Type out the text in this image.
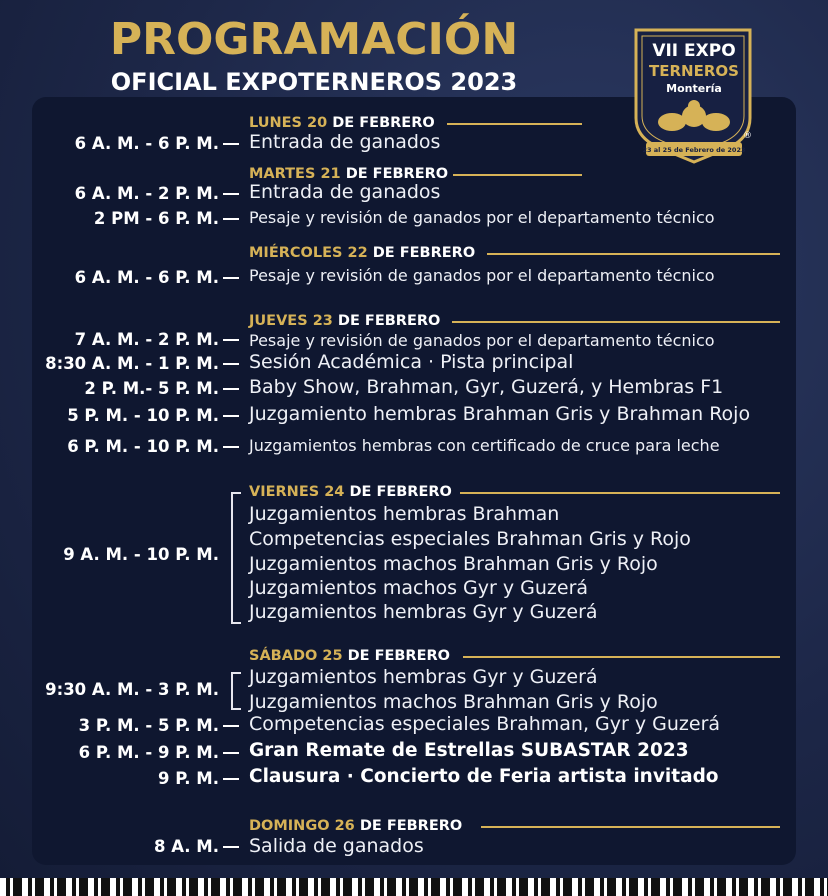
PROGRAMACIÓN
OFICIAL EXPOTERNEROS 2023
VII EXPO
TERNEROS
Montería
23 al 25 de Febrero de 2023
®
LUNES 20 DE FEBRERO
6 A. M. - 6 P. M. Entrada de ganados
MARTES 21 DE FEBRERO
6 A. M. - 2 P. M. Entrada de ganados
2 PM - 6 P. M. Pesaje y revisión de ganados por el departamento técnico
MIÉRCOLES 22 DE FEBRERO
6 A. M. - 6 P. M. Pesaje y revisión de ganados por el departamento técnico
JUEVES 23 DE FEBRERO
7 A. M. - 2 P. M. Pesaje y revisión de ganados por el departamento técnico
8:30 A. M. - 1 P. M. Sesión Académica · Pista principal
2 P. M.- 5 P. M. Baby Show, Brahman, Gyr, Guzerá, y Hembras F1
5 P. M. - 10 P. M. Juzgamiento hembras Brahman Gris y Brahman Rojo
6 P. M. - 10 P. M. Juzgamientos hembras con certificado de cruce para leche
VIERNES 24 DE FEBRERO
9 A. M. - 10 P. M.
Juzgamientos hembras Brahman
Competencias especiales Brahman Gris y Rojo
Juzgamientos machos Brahman Gris y Rojo
Juzgamientos machos Gyr y Guzerá
Juzgamientos hembras Gyr y Guzerá
SÁBADO 25 DE FEBRERO
9:30 A. M. - 3 P. M.
Juzgamientos hembras Gyr y Guzerá
Juzgamientos machos Brahman Gris y Rojo
3 P. M. - 5 P. M. Competencias especiales Brahman, Gyr y Guzerá
6 P. M. - 9 P. M. Gran Remate de Estrellas SUBASTAR 2023
9 P. M. Clausura · Concierto de Feria artista invitado
DOMINGO 26 DE FEBRERO
8 A. M. Salida de ganados
